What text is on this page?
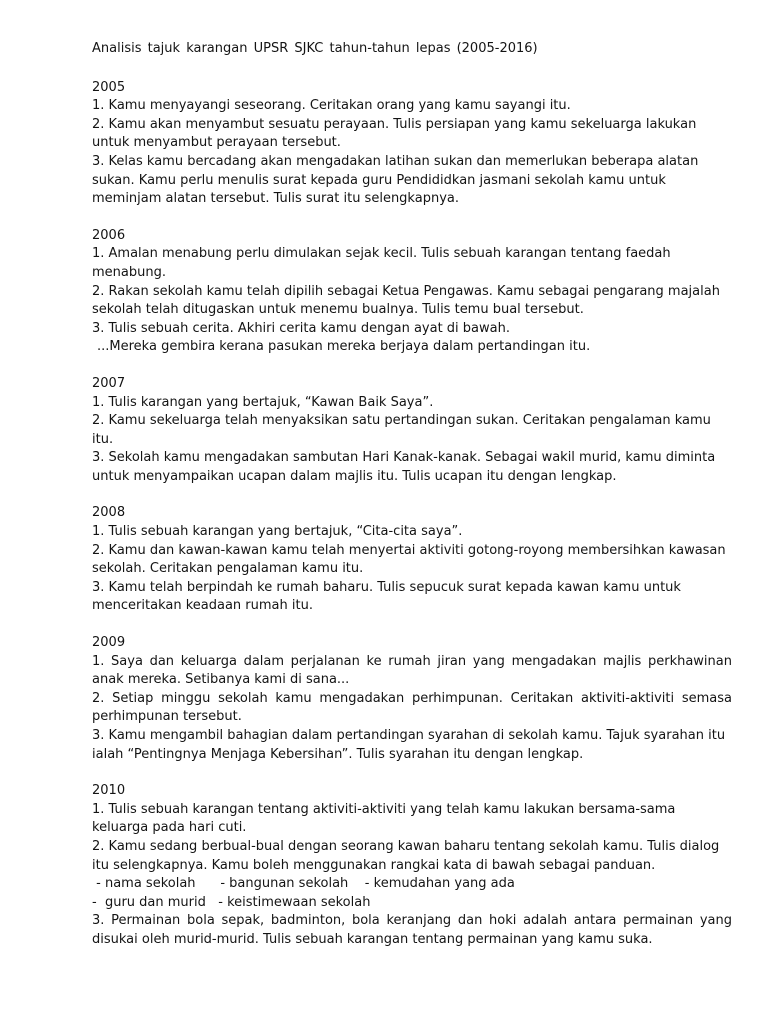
Analisis tajuk karangan UPSR SJKC tahun-tahun lepas (2005-2016)

2005

1. Kamu menyayangi seseorang. Ceritakan orang yang kamu sayangi itu.

2. Kamu akan menyambut sesuatu perayaan. Tulis persiapan yang kamu sekeluarga lakukan untuk menyambut perayaan tersebut.

3. Kelas kamu bercadang akan mengadakan latihan sukan dan memerlukan beberapa alatan sukan. Kamu perlu menulis surat kepada guru Pendididkan jasmani sekolah kamu untuk meminjam alatan tersebut. Tulis surat itu selengkapnya.

2006

1. Amalan menabung perlu dimulakan sejak kecil. Tulis sebuah karangan tentang faedah menabung.

2. Rakan sekolah kamu telah dipilih sebagai Ketua Pengawas. Kamu sebagai pengarang majalah sekolah telah ditugaskan untuk menemu bualnya. Tulis temu bual tersebut.

3. Tulis sebuah cerita. Akhiri cerita kamu dengan ayat di bawah.

...Mereka gembira kerana pasukan mereka berjaya dalam pertandingan itu.

2007

1. Tulis karangan yang bertajuk, “Kawan Baik Saya”.

2. Kamu sekeluarga telah menyaksikan satu pertandingan sukan. Ceritakan pengalaman kamu itu.

3. Sekolah kamu mengadakan sambutan Hari Kanak-kanak. Sebagai wakil murid, kamu diminta untuk menyampaikan ucapan dalam majlis itu. Tulis ucapan itu dengan lengkap.

2008

1. Tulis sebuah karangan yang bertajuk, “Cita-cita saya”.

2. Kamu dan kawan-kawan kamu telah menyertai aktiviti gotong-royong membersihkan kawasan sekolah. Ceritakan pengalaman kamu itu.

3. Kamu telah berpindah ke rumah baharu. Tulis sepucuk surat kepada kawan kamu untuk menceritakan keadaan rumah itu.

2009

1. Saya dan keluarga dalam perjalanan ke rumah jiran yang mengadakan majlis perkhawinan anak mereka. Setibanya kami di sana...

2. Setiap minggu sekolah kamu mengadakan perhimpunan. Ceritakan aktiviti-aktiviti semasa perhimpunan tersebut.

3. Kamu mengambil bahagian dalam pertandingan syarahan di sekolah kamu. Tajuk syarahan itu ialah “Pentingnya Menjaga Kebersihan”. Tulis syarahan itu dengan lengkap.

2010

1. Tulis sebuah karangan tentang aktiviti-aktiviti yang telah kamu lakukan bersama-sama keluarga pada hari cuti.

2. Kamu sedang berbual-bual dengan seorang kawan baharu tentang sekolah kamu. Tulis dialog itu selengkapnya. Kamu boleh menggunakan rangkai kata di bawah sebagai panduan.

- nama sekolah      - bangunan sekolah    - kemudahan yang ada

-  guru dan murid   - keistimewaan sekolah

3. Permainan bola sepak, badminton, bola keranjang dan hoki adalah antara permainan yang disukai oleh murid-murid. Tulis sebuah karangan tentang permainan yang kamu suka.
